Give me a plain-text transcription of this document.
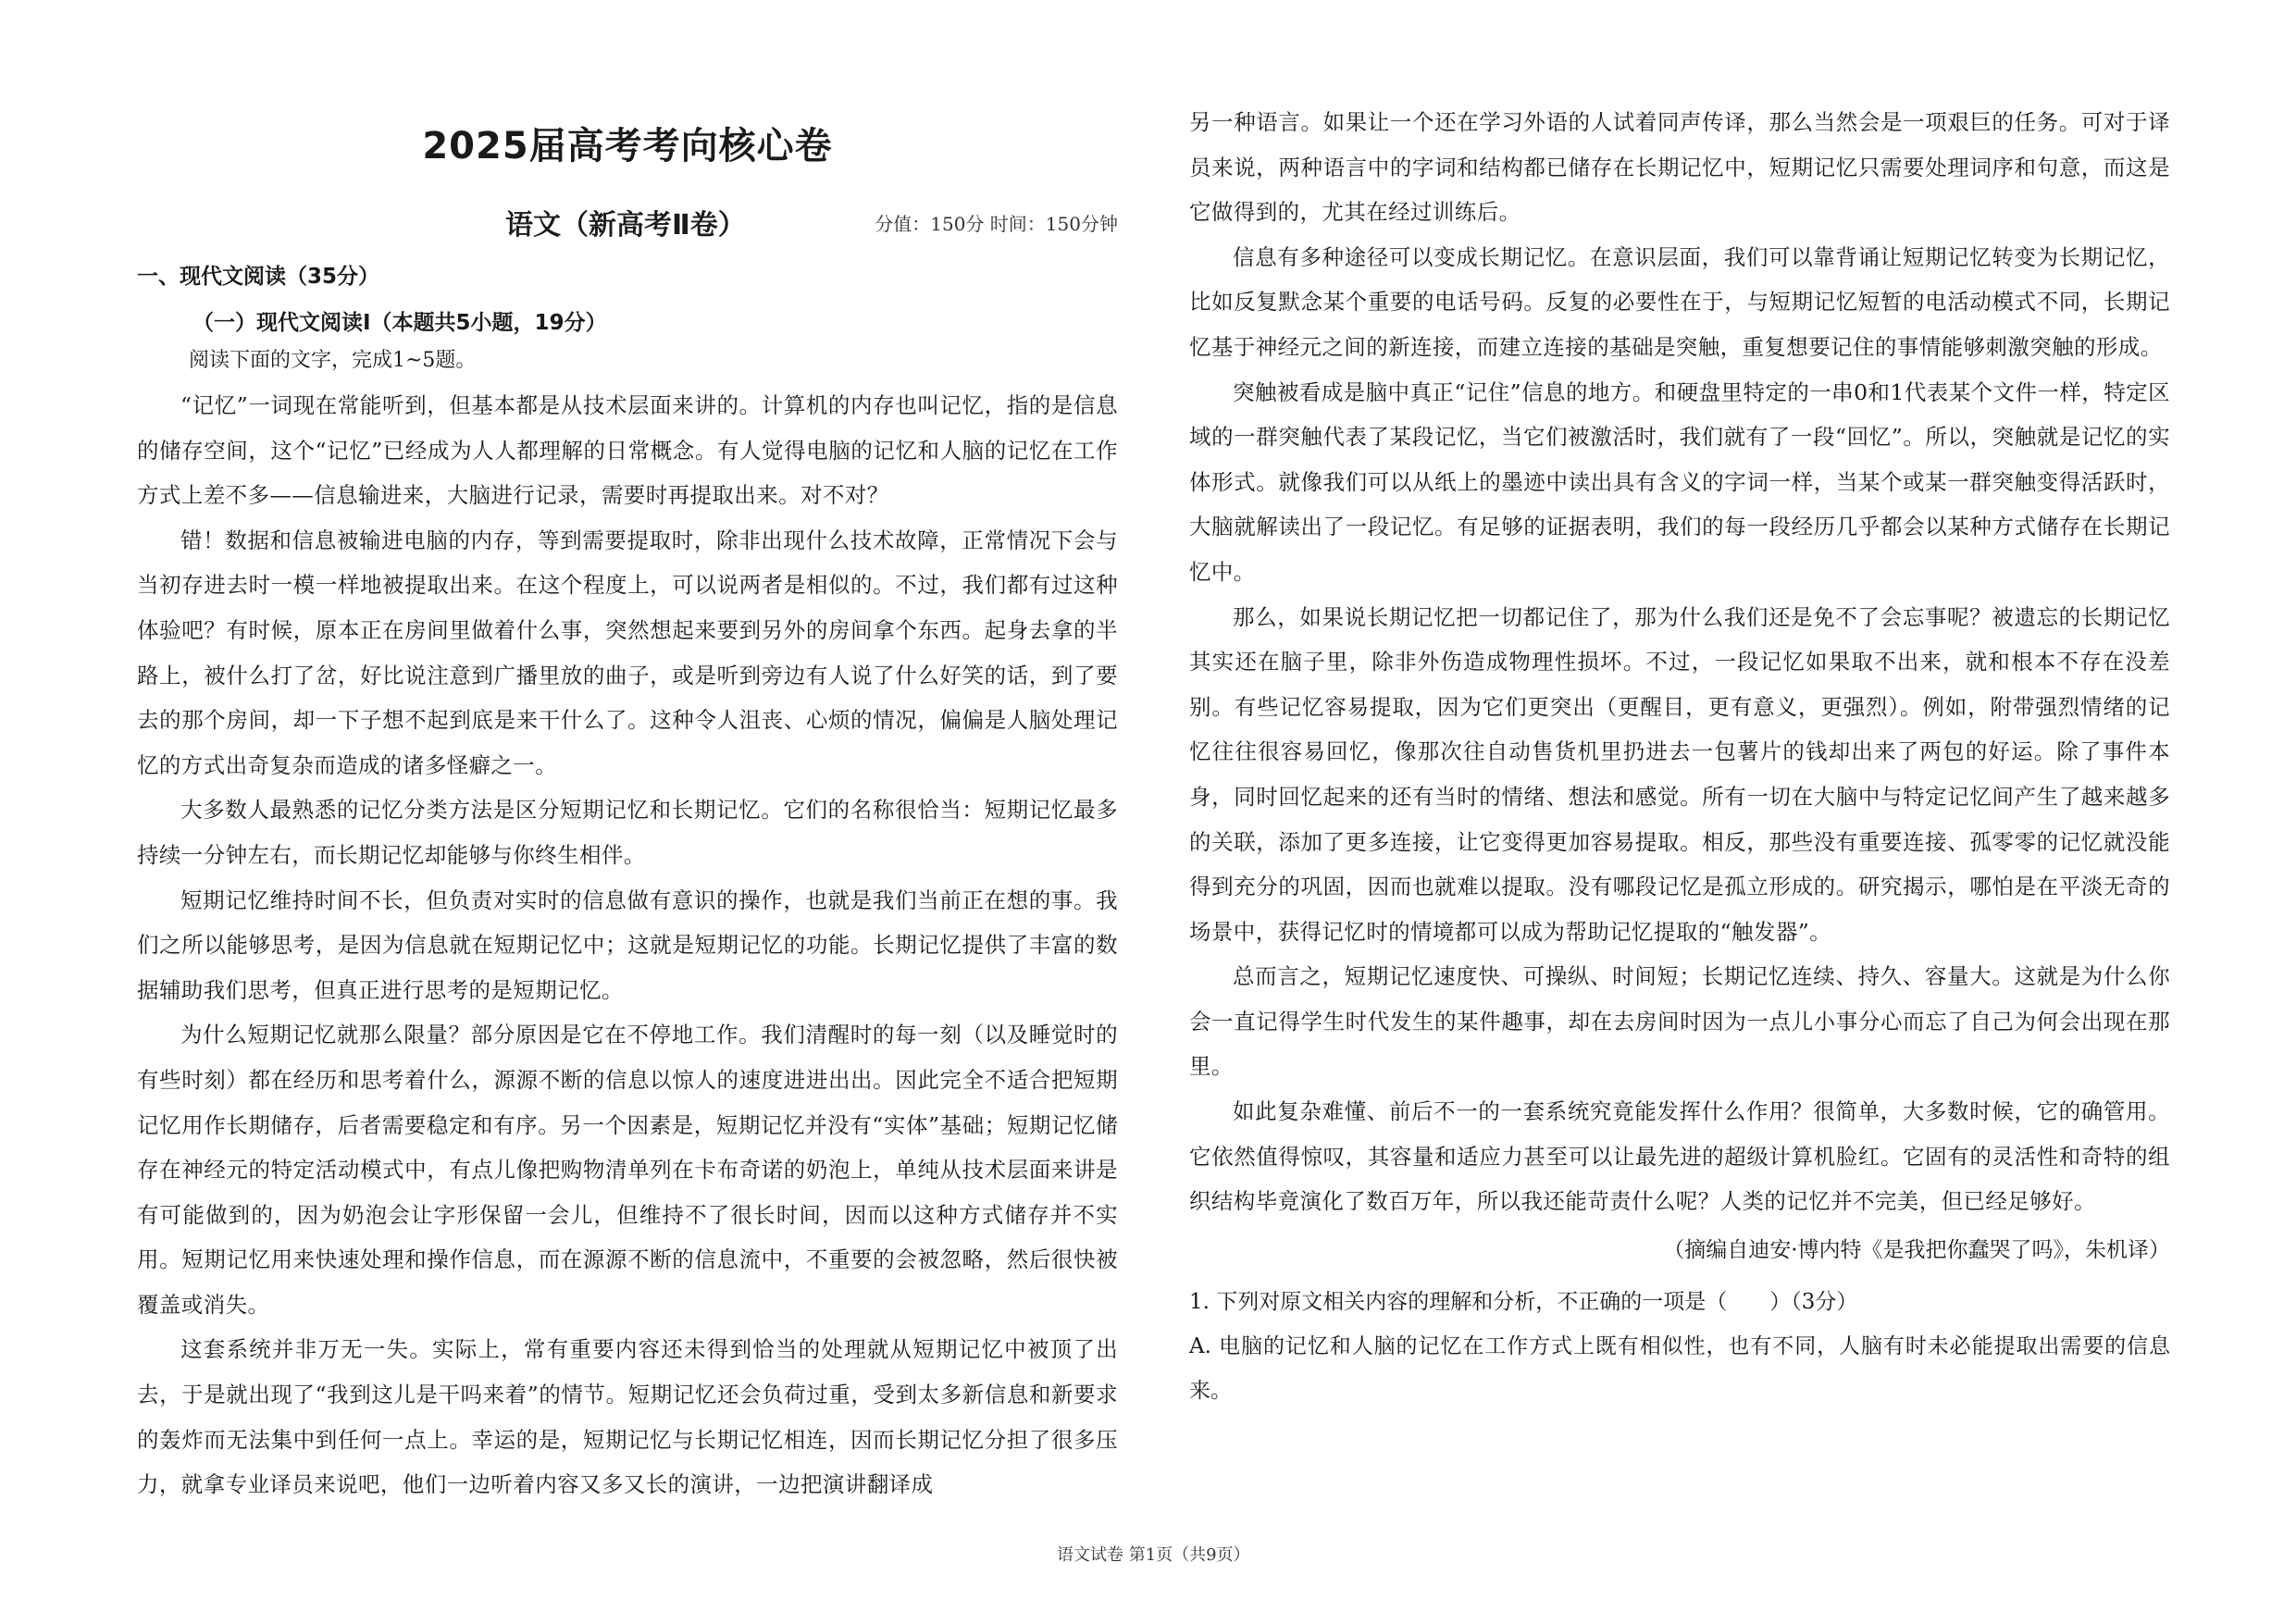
2025届高考考向核心卷
语文（新高考Ⅱ卷）	分值：150分 时间：150分钟
一、现代文阅读（35分）
（一）现代文阅读Ⅰ（本题共5小题，19分）
阅读下面的文字，完成1~5题。

“记忆”一词现在常能听到，但基本都是从技术层面来讲的。计算机的内存也叫记忆，指的是信息的储存空间，这个“记忆”已经成为人人都理解的日常概念。有人觉得电脑的记忆和人脑的记忆在工作方式上差不多——信息输进来，大脑进行记录，需要时再提取出来。对不对？

错！数据和信息被输进电脑的内存，等到需要提取时，除非出现什么技术故障，正常情况下会与当初存进去时一模一样地被提取出来。在这个程度上，可以说两者是相似的。不过，我们都有过这种体验吧？有时候，原本正在房间里做着什么事，突然想起来要到另外的房间拿个东西。起身去拿的半路上，被什么打了岔，好比说注意到广播里放的曲子，或是听到旁边有人说了什么好笑的话，到了要去的那个房间，却一下子想不起到底是来干什么了。这种令人沮丧、心烦的情况，偏偏是人脑处理记忆的方式出奇复杂而造成的诸多怪癖之一。

大多数人最熟悉的记忆分类方法是区分短期记忆和长期记忆。它们的名称很恰当：短期记忆最多持续一分钟左右，而长期记忆却能够与你终生相伴。

短期记忆维持时间不长，但负责对实时的信息做有意识的操作，也就是我们当前正在想的事。我们之所以能够思考，是因为信息就在短期记忆中；这就是短期记忆的功能。长期记忆提供了丰富的数据辅助我们思考，但真正进行思考的是短期记忆。

为什么短期记忆就那么限量？部分原因是它在不停地工作。我们清醒时的每一刻（以及睡觉时的有些时刻）都在经历和思考着什么，源源不断的信息以惊人的速度进进出出。因此完全不适合把短期记忆用作长期储存，后者需要稳定和有序。另一个因素是，短期记忆并没有“实体”基础；短期记忆储存在神经元的特定活动模式中，有点儿像把购物清单列在卡布奇诺的奶泡上，单纯从技术层面来讲是有可能做到的，因为奶泡会让字形保留一会儿，但维持不了很长时间，因而以这种方式储存并不实用。短期记忆用来快速处理和操作信息，而在源源不断的信息流中，不重要的会被忽略，然后很快被覆盖或消失。

这套系统并非万无一失。实际上，常有重要内容还未得到恰当的处理就从短期记忆中被顶了出去，于是就出现了“我到这儿是干吗来着”的情节。短期记忆还会负荷过重，受到太多新信息和新要求的轰炸而无法集中到任何一点上。幸运的是，短期记忆与长期记忆相连，因而长期记忆分担了很多压力，就拿专业译员来说吧，他们一边听着内容又多又长的演讲，一边把演讲翻译成

另一种语言。如果让一个还在学习外语的人试着同声传译，那么当然会是一项艰巨的任务。可对于译员来说，两种语言中的字词和结构都已储存在长期记忆中，短期记忆只需要处理词序和句意，而这是它做得到的，尤其在经过训练后。

信息有多种途径可以变成长期记忆。在意识层面，我们可以靠背诵让短期记忆转变为长期记忆，比如反复默念某个重要的电话号码。反复的必要性在于，与短期记忆短暂的电活动模式不同，长期记忆基于神经元之间的新连接，而建立连接的基础是突触，重复想要记住的事情能够刺激突触的形成。

突触被看成是脑中真正“记住”信息的地方。和硬盘里特定的一串0和1代表某个文件一样，特定区域的一群突触代表了某段记忆，当它们被激活时，我们就有了一段“回忆”。所以，突触就是记忆的实体形式。就像我们可以从纸上的墨迹中读出具有含义的字词一样，当某个或某一群突触变得活跃时，大脑就解读出了一段记忆。有足够的证据表明，我们的每一段经历几乎都会以某种方式储存在长期记忆中。

那么，如果说长期记忆把一切都记住了，那为什么我们还是免不了会忘事呢？被遗忘的长期记忆其实还在脑子里，除非外伤造成物理性损坏。不过，一段记忆如果取不出来，就和根本不存在没差别。有些记忆容易提取，因为它们更突出（更醒目，更有意义，更强烈）。例如，附带强烈情绪的记忆往往很容易回忆，像那次往自动售货机里扔进去一包薯片的钱却出来了两包的好运。除了事件本身，同时回忆起来的还有当时的情绪、想法和感觉。所有一切在大脑中与特定记忆间产生了越来越多的关联，添加了更多连接，让它变得更加容易提取。相反，那些没有重要连接、孤零零的记忆就没能得到充分的巩固，因而也就难以提取。没有哪段记忆是孤立形成的。研究揭示，哪怕是在平淡无奇的场景中，获得记忆时的情境都可以成为帮助记忆提取的“触发器”。

总而言之，短期记忆速度快、可操纵、时间短；长期记忆连续、持久、容量大。这就是为什么你会一直记得学生时代发生的某件趣事，却在去房间时因为一点儿小事分心而忘了自己为何会出现在那里。

如此复杂难懂、前后不一的一套系统究竟能发挥什么作用？很简单，大多数时候，它的确管用。它依然值得惊叹，其容量和适应力甚至可以让最先进的超级计算机脸红。它固有的灵活性和奇特的组织结构毕竟演化了数百万年，所以我还能苛责什么呢？人类的记忆并不完美，但已经足够好。

（摘编自迪安·博内特《是我把你蠢哭了吗》，朱机译）
1. 下列对原文相关内容的理解和分析，不正确的一项是（　　）（3分）
A. 电脑的记忆和人脑的记忆在工作方式上既有相似性，也有不同，人脑有时未必能提取出需要的信息来。
语文试卷 第1页（共9页）
